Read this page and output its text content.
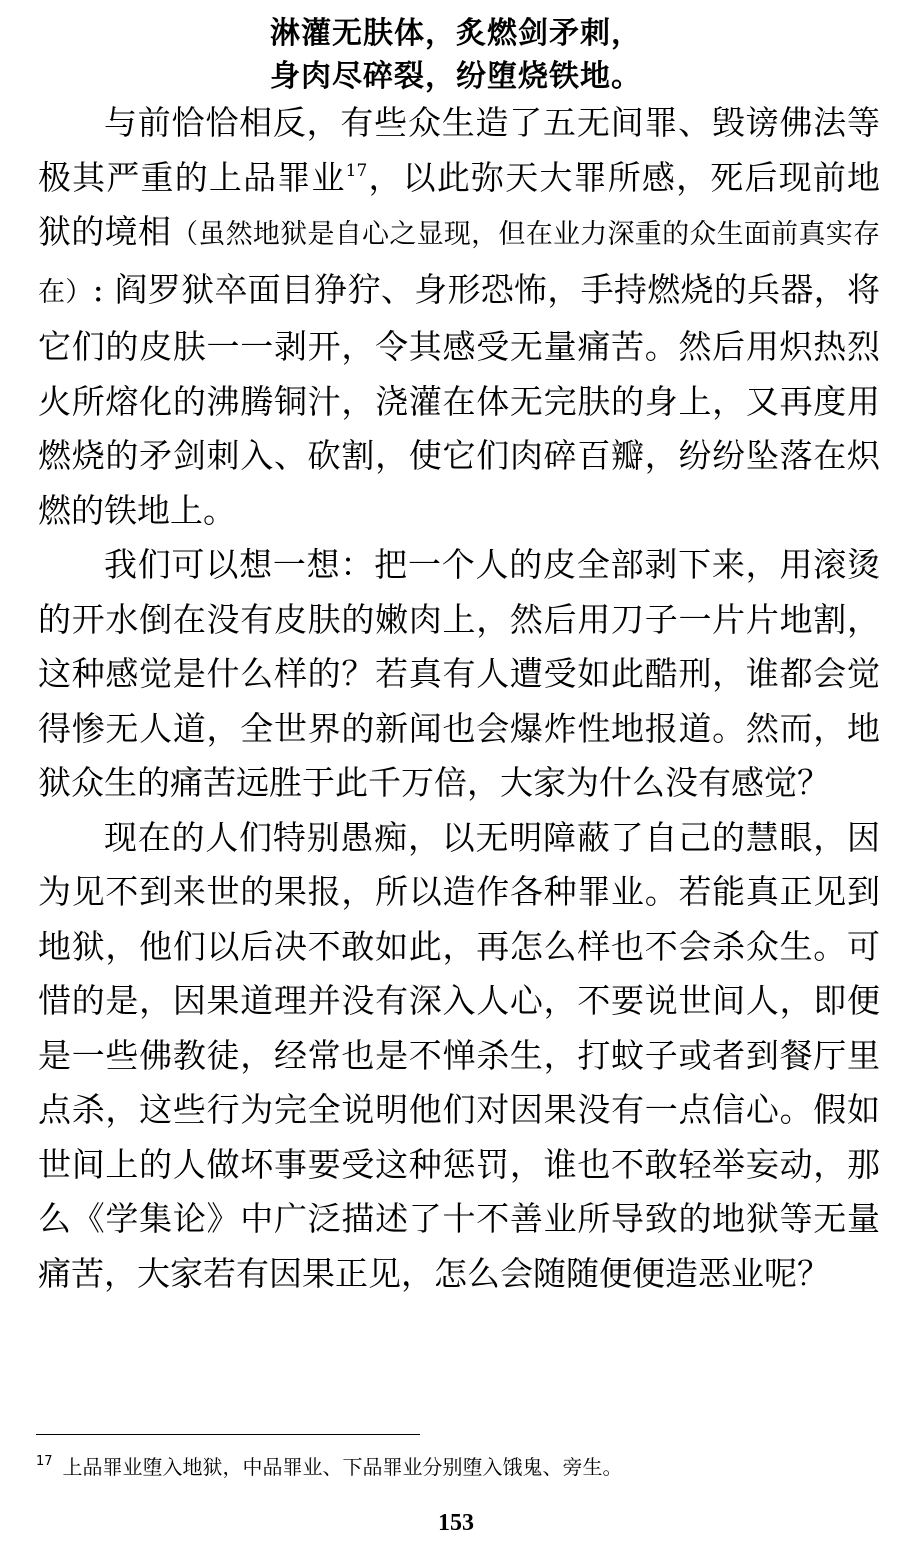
淋灌无肤体，炙燃剑矛刺，
身肉尽碎裂，纷堕烧铁地。

与前恰恰相反，有些众生造了五无间罪、毁谤佛法等极其严重的上品罪业$^{17}$，以此弥天大罪所感，死后现前地狱的境相（虽然地狱是自心之显现，但在业力深重的众生面前真实存在）: 阎罗狱卒面目狰狞、身形恐怖，手持燃烧的兵器，将它们的皮肤一一剥开，令其感受无量痛苦。然后用炽热烈火所熔化的沸腾铜汁，浇灌在体无完肤的身上，又再度用燃烧的矛剑刺入、砍割，使它们肉碎百瓣，纷纷坠落在炽燃的铁地上。

我们可以想一想：把一个人的皮全部剥下来，用滚烫的开水倒在没有皮肤的嫩肉上，然后用刀子一片片地割，这种感觉是什么样的？若真有人遭受如此酷刑，谁都会觉得惨无人道，全世界的新闻也会爆炸性地报道。然而，地狱众生的痛苦远胜于此千万倍，大家为什么没有感觉？

现在的人们特别愚痴，以无明障蔽了自己的慧眼，因为见不到来世的果报，所以造作各种罪业。若能真正见到地狱，他们以后决不敢如此，再怎么样也不会杀众生。可惜的是，因果道理并没有深入人心，不要说世间人，即便是一些佛教徒，经常也是不惮杀生，打蚊子或者到餐厅里点杀，这些行为完全说明他们对因果没有一点信心。假如世间上的人做坏事要受这种惩罚，谁也不敢轻举妄动，那么《学集论》中广泛描述了十不善业所导致的地狱等无量痛苦，大家若有因果正见，怎么会随随便便造恶业呢？

$^{17}$ 上品罪业堕入地狱，中品罪业、下品罪业分别堕入饿鬼、旁生。
153
